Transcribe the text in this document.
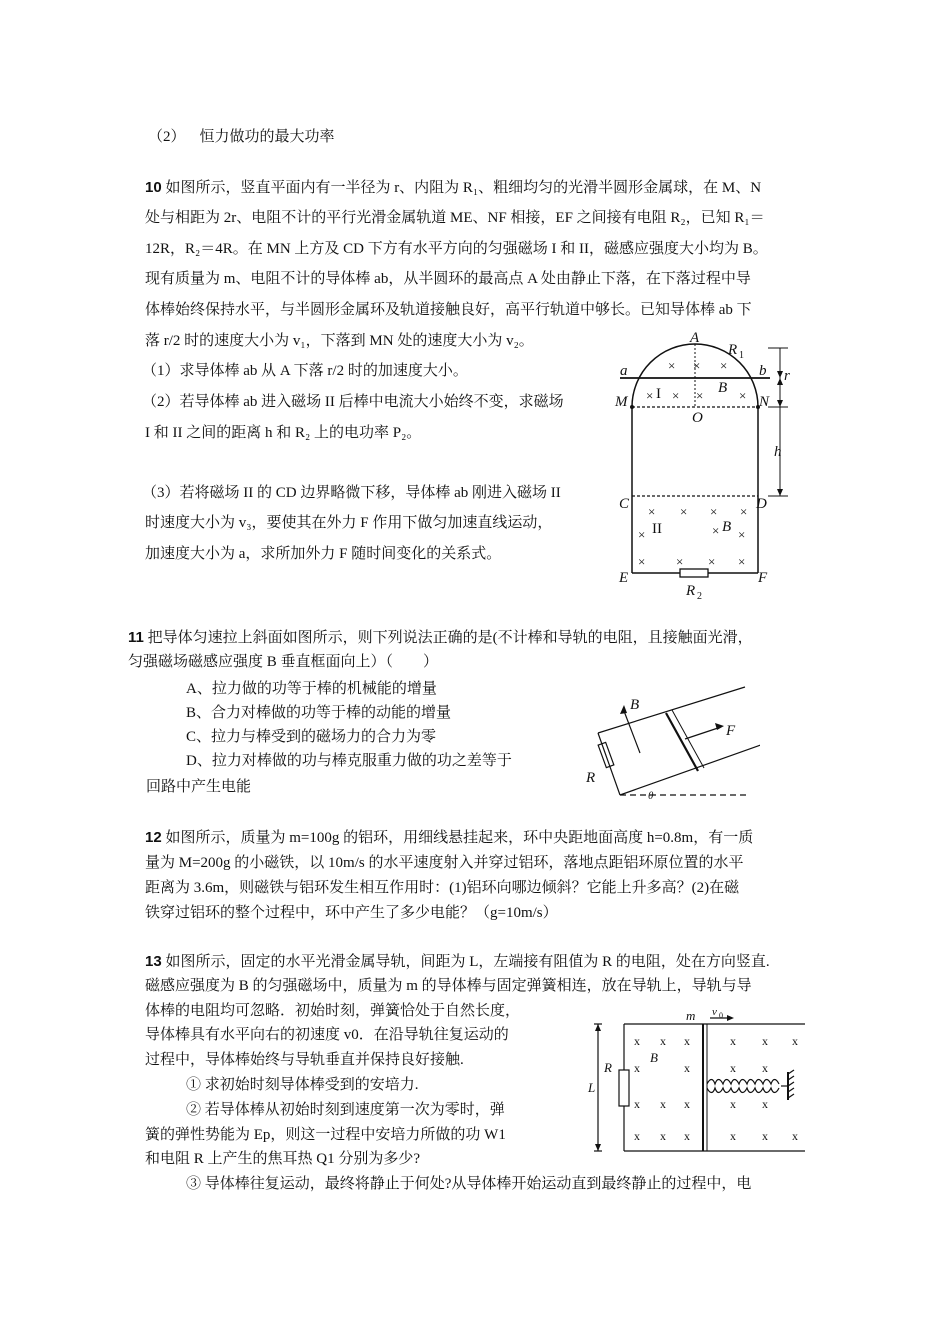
（2） 恒力做功的最大功率
10 如图所示，竖直平面内有一半径为 r、内阻为 R₁、粗细均匀的光滑半圆形金属球，在 M、N
处与相距为 2r、电阻不计的平行光滑金属轨道 ME、NF 相接，EF 之间接有电阻 R₂，已知 R₁＝
12R，R₂＝4R。在 MN 上方及 CD 下方有水平方向的匀强磁场 I 和 II，磁感应强度大小均为 B。
现有质量为 m、电阻不计的导体棒 ab，从半圆环的最高点 A 处由静止下落，在下落过程中导
体棒始终保持水平，与半圆形金属环及轨道接触良好，高平行轨道中够长。已知导体棒 ab 下
落 r/2 时的速度大小为 v₁，下落到 MN 处的速度大小为 v₂。
（1）求导体棒 ab 从 A 下落 r/2 时的加速度大小。
（2）若导体棒 ab 进入磁场 II 后棒中电流大小始终不变，求磁场
I 和 II 之间的距离 h 和 R₂ 上的电功率 P₂。
（3）若将磁场 II 的 CD 边界略微下移，导体棒 ab 刚进入磁场 II
时速度大小为 v₃，要使其在外力 F 作用下做匀加速直线运动，
加速度大小为 a，求所加外力 F 随时间变化的关系式。
× × ×
× × ×	×
× × × ×
×
×	×
× × × ×
A
R 1
a	b r
M	N
I	B
O
h
C	D
II	B
E	F
R 2
11 把导体匀速拉上斜面如图所示，则下列说法正确的是(不计棒和导轨的电阻，且接触面光滑，
匀强磁场磁感应强度 B 垂直框面向上）（　　）
A、拉力做的功等于棒的机械能的增量
B、合力对棒做的功等于棒的动能的增量
C、拉力与棒受到的磁场力的合力为零
D、拉力对棒做的功与棒克服重力做的功之差等于
回路中产生电能
B
F
R
θ
12 如图所示，质量为 m=100g 的铝环，用细线悬挂起来，环中央距地面高度 h=0.8m，有一质
量为 M=200g 的小磁铁，以 10m/s 的水平速度射入并穿过铝环，落地点距铝环原位置的水平
距离为 3.6m，则磁铁与铝环发生相互作用时：(1)铝环向哪边倾斜？它能上升多高？(2)在磁
铁穿过铝环的整个过程中，环中产生了多少电能？（g=10m/s）
13 如图所示，固定的水平光滑金属导轨，间距为 L，左端接有阻值为 R 的电阻，处在方向竖直.
磁感应强度为 B 的匀强磁场中，质量为 m 的导体棒与固定弹簧相连，放在导轨上，导轨与导
体棒的电阻均可忽略．初始时刻，弹簧恰处于自然长度，
导体棒具有水平向右的初速度 v0．在沿导轨往复运动的
过程中，导体棒始终与导轨垂直并保持良好接触.
① 求初始时刻导体棒受到的安培力.
② 若导体棒从初始时刻到速度第一次为零时，弹
簧的弹性势能为 Ep，则这一过程中安培力所做的功 W1
和电阻 R 上产生的焦耳热 Q1 分别为多少?
③ 导体棒往复运动，最终将静止于何处?从导体棒开始运动直到最终静止的过程中，电
x x x	x x x
x	x	x x
x x x	x x
x x x	x x x
m v 0
R
B
L
